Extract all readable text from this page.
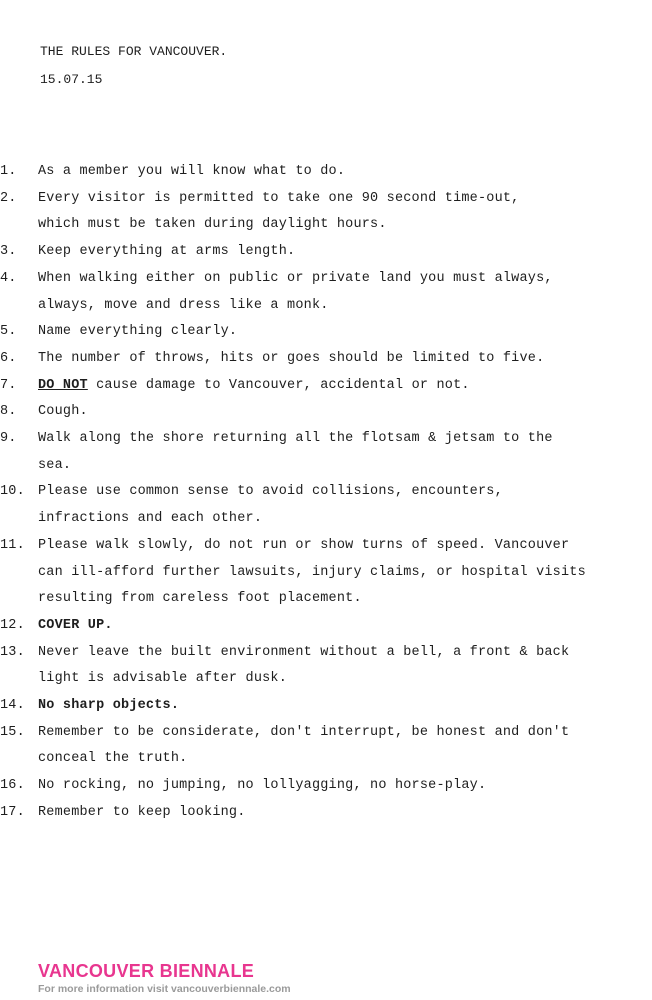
THE RULES FOR VANCOUVER.
15.07.15
1.	As a member you will know what to do.
2.	Every visitor is permitted to take one 90 second time-out,
which must be taken during daylight hours.
3.	Keep everything at arms length.
4.	When walking either on public or private land you must always,
always, move and dress like a monk.
5.	Name everything clearly.
6.	The number of throws, hits or goes should be limited to five.
7.	DO NOT cause damage to Vancouver, accidental or not.
8.	Cough.
9.	Walk along the shore returning all the flotsam & jetsam to the
sea.
10. Please use common sense to avoid collisions, encounters,
infractions and each other.
11. Please walk slowly, do not run or show turns of speed. Vancouver
can ill-afford further lawsuits, injury claims, or hospital visits
resulting from careless foot placement.
12. COVER UP.
13. Never leave the built environment without a bell, a front & back
light is advisable after dusk.
14. No sharp objects.
15. Remember to be considerate, don't interrupt, be honest and don't
conceal the truth.
16. No rocking, no jumping, no lollyagging, no horse-play.
17. Remember to keep looking.
VANCOUVER BIENNALE
For more information visit vancouverbiennale.com
